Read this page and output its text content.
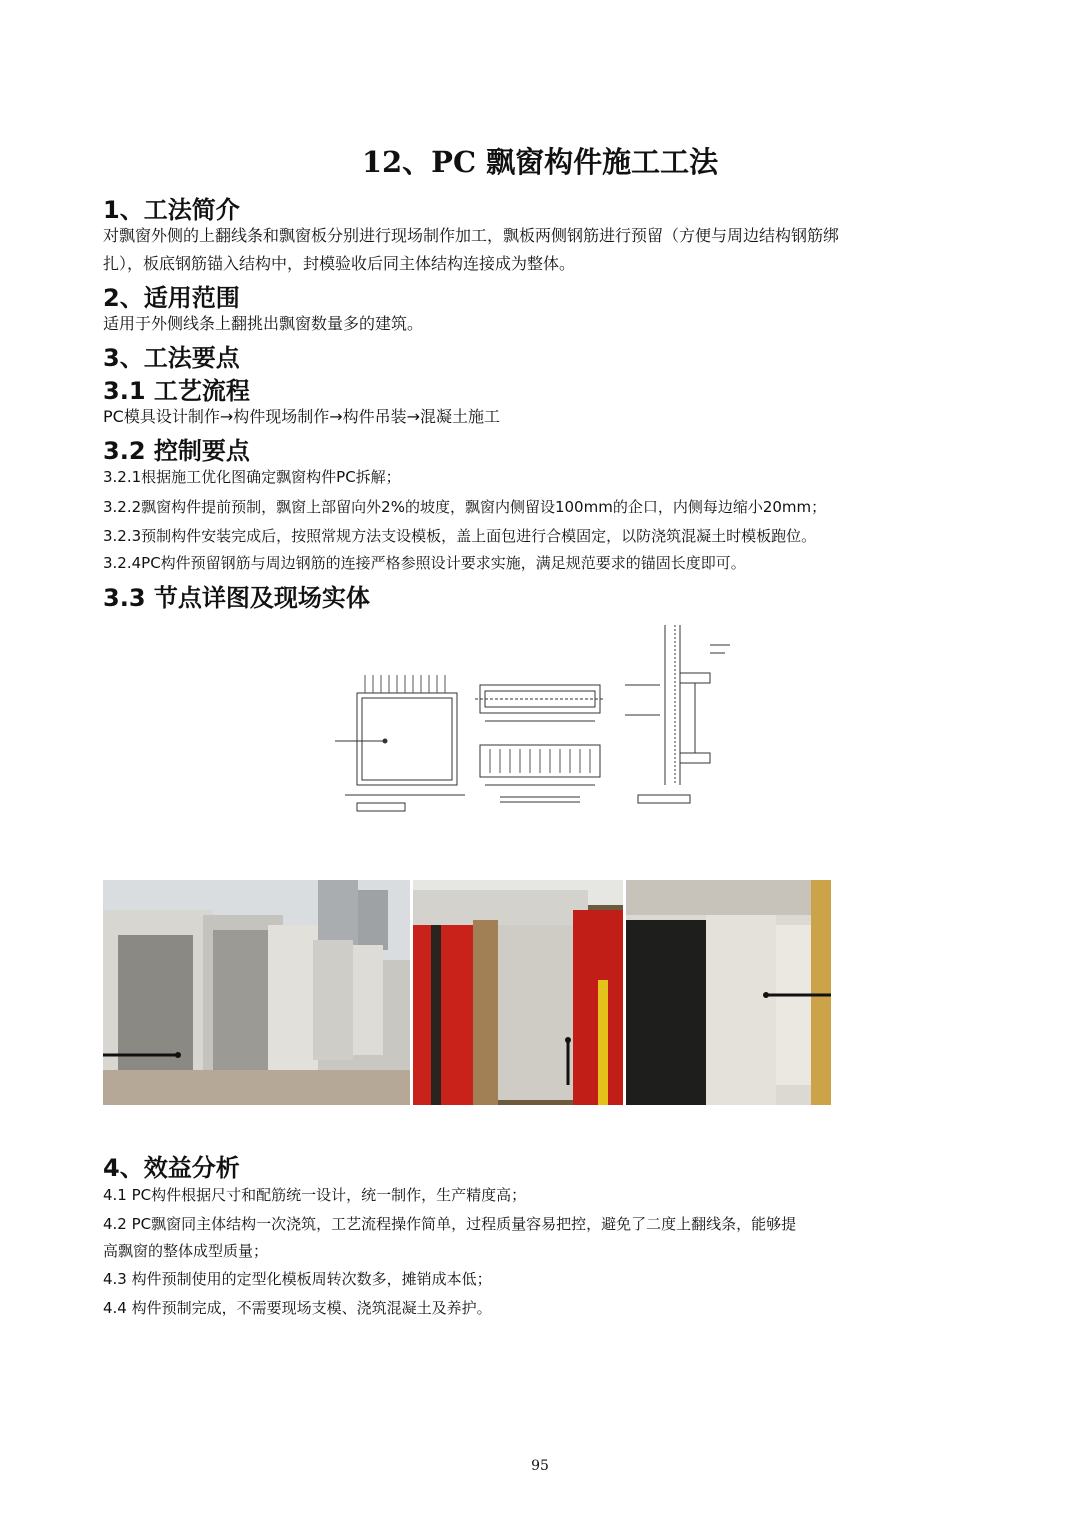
12、PC 飘窗构件施工工法
1、工法简介
对飘窗外侧的上翻线条和飘窗板分别进行现场制作加工，飘板两侧钢筋进行预留（方便与周边结构钢筋绑
扎），板底钢筋锚入结构中，封模验收后同主体结构连接成为整体。
2、适用范围
适用于外侧线条上翻挑出飘窗数量多的建筑。
3、工法要点
3.1 工艺流程
PC模具设计制作→构件现场制作→构件吊装→混凝土施工
3.2 控制要点
3.2.1根据施工优化图确定飘窗构件PC拆解；
3.2.2飘窗构件提前预制，飘窗上部留向外2%的坡度，飘窗内侧留设100mm的企口，内侧每边缩小20mm；
3.2.3预制构件安装完成后，按照常规方法支设模板，盖上面包进行合模固定，以防浇筑混凝土时模板跑位。
3.2.4PC构件预留钢筋与周边钢筋的连接严格参照设计要求实施，满足规范要求的锚固长度即可。
3.3 节点详图及现场实体
4、效益分析
4.1 PC构件根据尺寸和配筋统一设计，统一制作，生产精度高；
4.2 PC飘窗同主体结构一次浇筑，工艺流程操作简单，过程质量容易把控，避免了二度上翻线条，能够提
高飘窗的整体成型质量；
4.3 构件预制使用的定型化模板周转次数多，摊销成本低；
4.4 构件预制完成，不需要现场支模、浇筑混凝土及养护。
95
